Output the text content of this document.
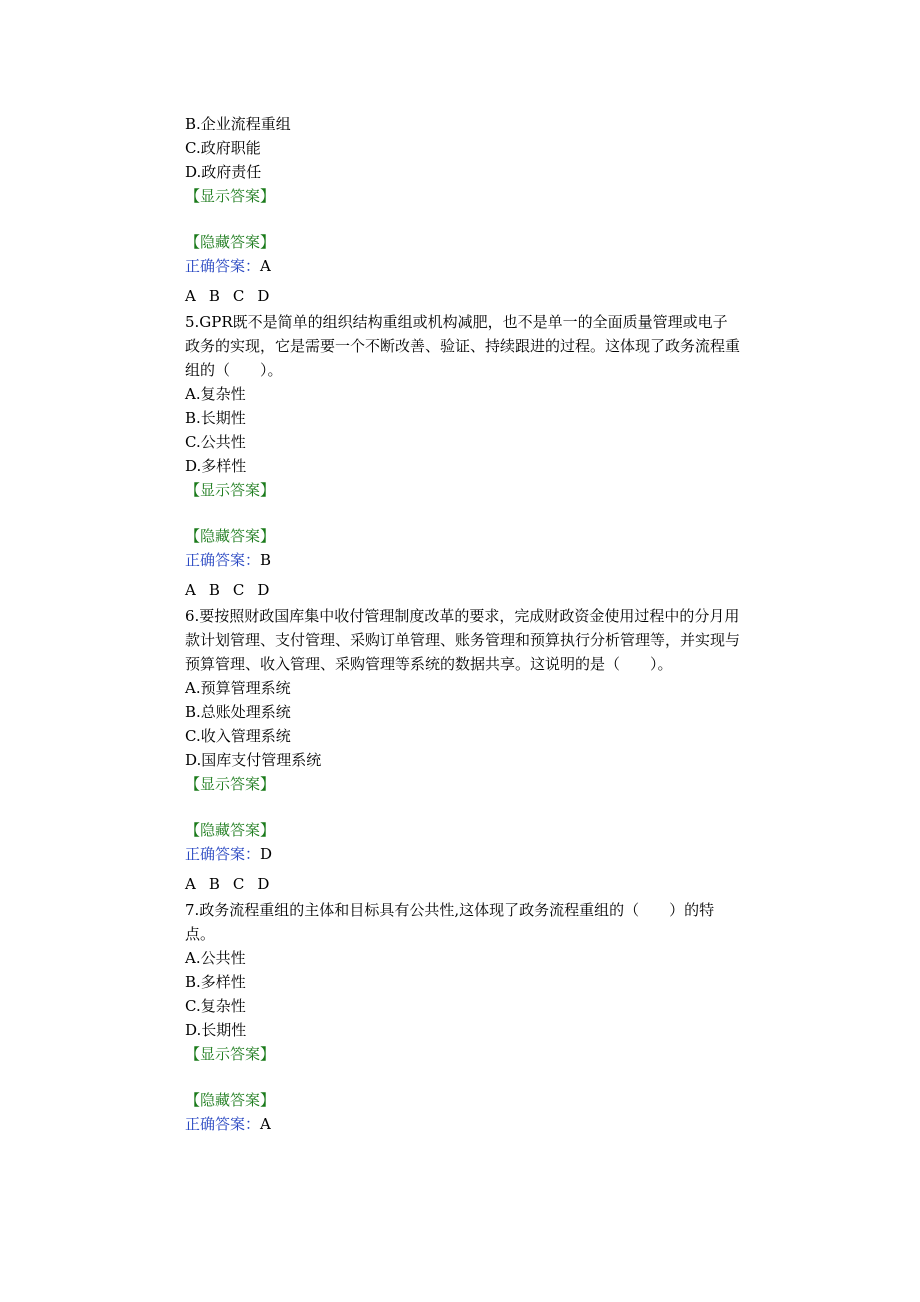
B.企业流程重组
C.政府职能
D.政府责任
【显示答案】
【隐藏答案】
正确答案：A
A B C D
5.GPR既不是简单的组织结构重组或机构减肥，也不是单一的全面质量管理或电子政务的实现，它是需要一个不断改善、验证、持续跟进的过程。这体现了政务流程重组的（　　）。
A.复杂性
B.长期性
C.公共性
D.多样性
【显示答案】
【隐藏答案】
正确答案：B
A B C D
6.要按照财政国库集中收付管理制度改革的要求，完成财政资金使用过程中的分月用款计划管理、支付管理、采购订单管理、账务管理和预算执行分析管理等，并实现与预算管理、收入管理、采购管理等系统的数据共享。这说明的是（　　）。
A.预算管理系统
B.总账处理系统
C.收入管理系统
D.国库支付管理系统
【显示答案】
【隐藏答案】
正确答案：D
A B C D
7.政务流程重组的主体和目标具有公共性,这体现了政务流程重组的（　　）的特点。
A.公共性
B.多样性
C.复杂性
D.长期性
【显示答案】
【隐藏答案】
正确答案：A
